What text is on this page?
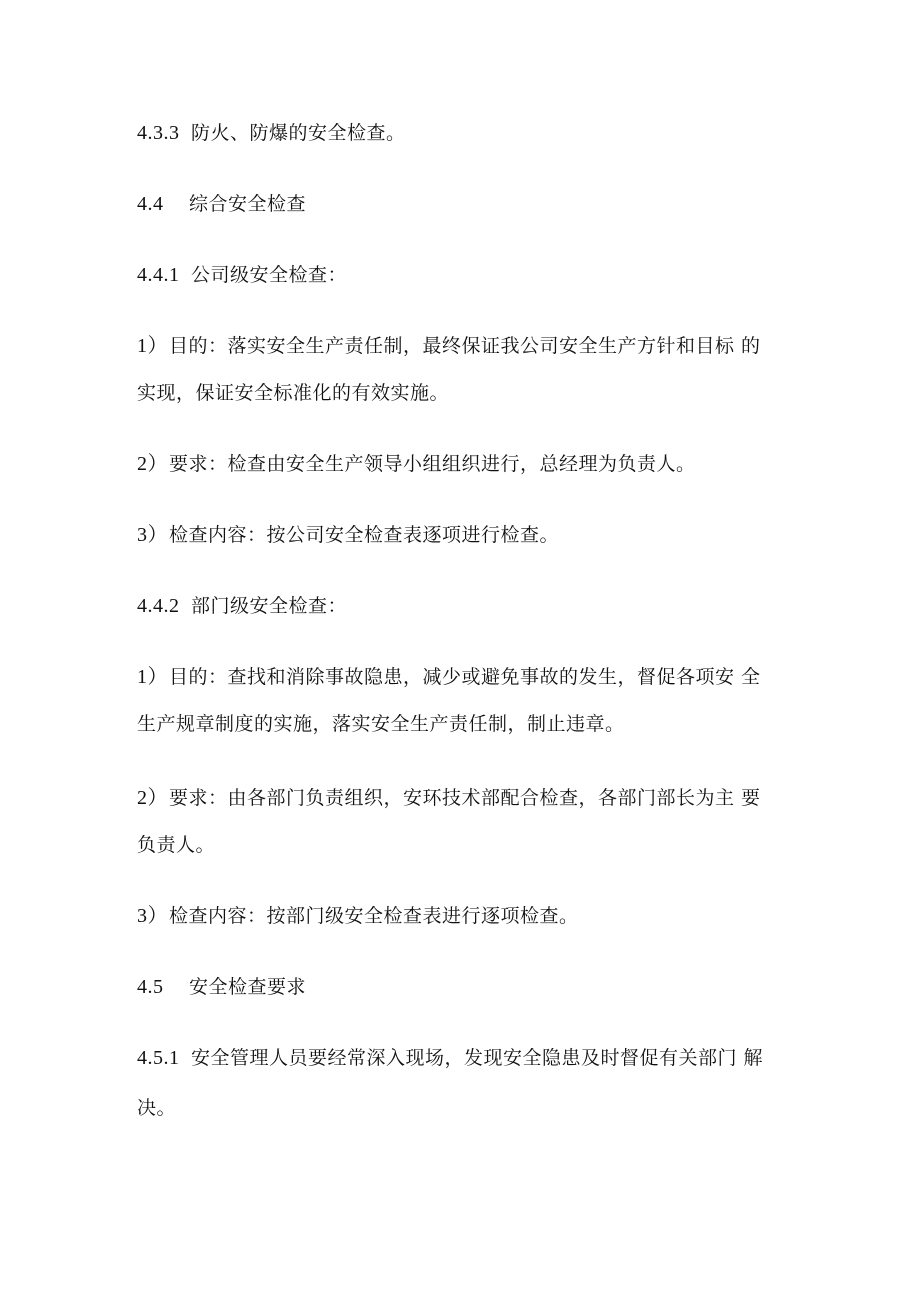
4.3.3 防火、防爆的安全检查。
4.4 综合安全检查
4.4.1 公司级安全检查：
1）目的：落实安全生产责任制，最终保证我公司安全生产方针和目标 的
实现，保证安全标准化的有效实施。
2）要求：检查由安全生产领导小组组织进行，总经理为负责人。
3）检查内容：按公司安全检查表逐项进行检查。
4.4.2 部门级安全检查：
1）目的：查找和消除事故隐患，减少或避免事故的发生，督促各项安 全
生产规章制度的实施，落实安全生产责任制，制止违章。
2）要求：由各部门负责组织，安环技术部配合检查，各部门部长为主 要
负责人。
3）检查内容：按部门级安全检查表进行逐项检查。
4.5 安全检查要求
4.5.1 安全管理人员要经常深入现场，发现安全隐患及时督促有关部门 解
决。
